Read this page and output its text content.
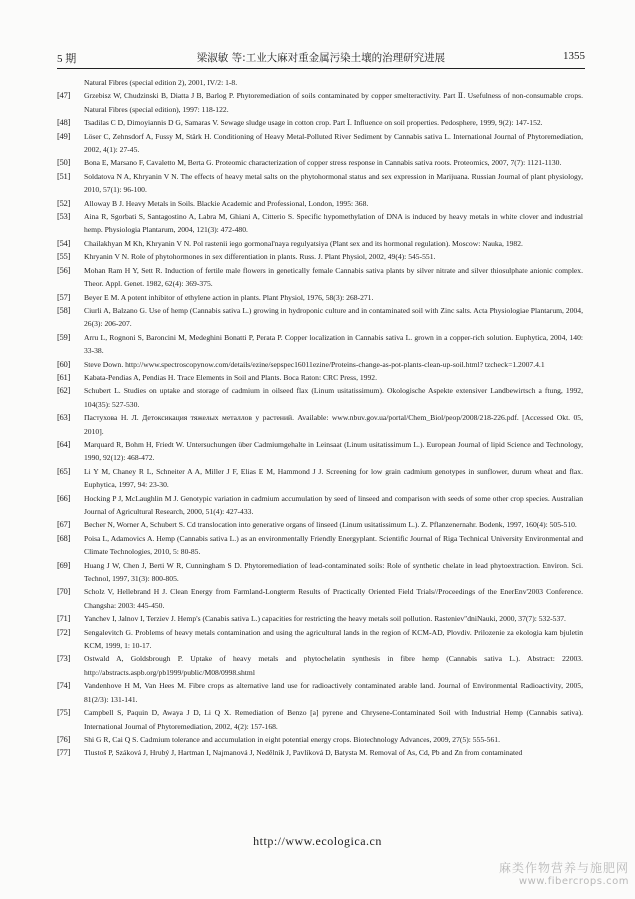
5 期	梁淑敏 等:工业大麻对重金属污染土壤的治理研究进展	1355
Natural Fibres (special edition 2), 2001, IV/2: 1-8.
[47] Grzebisz W, Chudzinski B, Diatta J B, Barlog P. Phytoremediation of soils contaminated by copper smelteractivity. Part Ⅱ. Usefulness of non-consumable crops. Natural Fibres (special edition), 1997: 118-122.
[48] Tsadilas C D, Dimoyiannis D G, Samaras V. Sewage sludge usage in cotton crop. Part Ⅰ. Influence on soil properties. Pedosphere, 1999, 9(2): 147-152.
[49] Löser C, Zehnsdorf A, Fussy M, Stärk H. Conditioning of Heavy Metal-Polluted River Sediment by Cannabis sativa L. International Journal of Phytoremediation, 2002, 4(1): 27-45.
[50] Bona E, Marsano F, Cavaletto M, Berta G. Proteomic characterization of copper stress response in Cannabis sativa roots. Proteomics, 2007, 7(7): 1121-1130.
[51] Soldatova N A, Khryanin V N. The effects of heavy metal salts on the phytohormonal status and sex expression in Marijuana. Russian Journal of plant physiology, 2010, 57(1): 96-100.
[52] Alloway B J. Heavy Metals in Soils. Blackie Academic and Professional, London, 1995: 368.
[53] Aina R, Sgorbati S, Santagostino A, Labra M, Ghiani A, Citterio S. Specific hypomethylation of DNA is induced by heavy metals in white clover and industrial hemp. Physiologia Plantarum, 2004, 121(3): 472-480.
[54] Chailakhyan M Kh, Khryanin V N. Pol rastenii iego gormonal'naya regulyatsiya (Plant sex and its hormonal regulation). Moscow: Nauka, 1982.
[55] Khryanin V N. Role of phytohormones in sex differentiation in plants. Russ. J. Plant Physiol, 2002, 49(4): 545-551.
[56] Mohan Ram H Y, Sett R. Induction of fertile male flowers in genetically female Cannabis sativa plants by silver nitrate and silver thiosulphate anionic complex. Theor. Appl. Genet. 1982, 62(4): 369-375.
[57] Beyer E M. A potent inhibitor of ethylene action in plants. Plant Physiol, 1976, 58(3): 268-271.
[58] Ciurli A, Balzano G. Use of hemp (Cannabis sativa L.) growing in hydroponic culture and in contaminated soil with Zinc salts. Acta Physiologiae Plantarum, 2004, 26(3): 206-207.
[59] Arru L, Rognoni S, Baroncini M, Medeghini Bonatti P, Perata P. Copper localization in Cannabis sativa L. grown in a copper-rich solution. Euphytica, 2004, 140: 33-38.
[60] Steve Down. http://www.spectroscopynow.com/details/ezine/sepspec16011ezine/Proteins-change-as-pot-plants-clean-up-soil.html? tzcheck=1.2007.4.1
[61] Kabata-Pendias A, Pendias H. Trace Elements in Soil and Plants. Boca Raton: CRC Press, 1992.
[62] Schubert L. Studies on uptake and storage of cadmium in oilseed flax (Linum usitatissimum). Okologische Aspekte extensiver Landbewirtsch a ftung, 1992, 104(35): 527-530.
[63] Пастухова Н. Л. Детоксикация тяжелых металлов у растений. Available: www.nbuv.gov.ua/portal/Chem_Biol/peop/2008/218-226.pdf. [Accessed Okt. 05, 2010].
[64] Marquard R, Bohm H, Friedt W. Untersuchungen über Cadmiumgehalte in Leinsaat (Linum usitatissimum L.). European Journal of lipid Science and Technology, 1990, 92(12): 468-472.
[65] Li Y M, Chaney R L, Schneiter A A, Miller J F, Elias E M, Hammond J J. Screening for low grain cadmium genotypes in sunflower, durum wheat and flax. Euphytica, 1997, 94: 23-30.
[66] Hocking P J, McLaughlin M J. Genotypic variation in cadmium accumulation by seed of linseed and comparison with seeds of some other crop species. Australian Journal of Agricultural Research, 2000, 51(4): 427-433.
[67] Becher N, Worner A, Schubert S. Cd translocation into generative organs of linseed (Linum usitatissimum L.). Z. Pflanzenernahr. Bodenk, 1997, 160(4): 505-510.
[68] Poisa L, Adamovics A. Hemp (Cannabis sativa L.) as an environmentally Friendly Energyplant. Scientific Journal of Riga Technical University Environmental and Climate Technologies, 2010, 5: 80-85.
[69] Huang J W, Chen J, Berti W R, Cunningham S D. Phytoremediation of lead-contaminated soils: Role of synthetic chelate in lead phytoextraction. Environ. Sci. Technol, 1997, 31(3): 800-805.
[70] Scholz V, Hellebrand H J. Clean Energy from Farmland-Longterm Results of Practically Oriented Field Trials//Proceedings of the EnerEnv'2003 Conference. Changsha: 2003: 445-450.
[71] Yanchev I, Jalnov I, Terziev J. Hemp's (Canabis sativa L.) capacities for restricting the heavy metals soil pollution. Rasteniev"dniNauki, 2000, 37(7): 532-537.
[72] Sengalevitch G. Problems of heavy metals contamination and using the agricultural lands in the region of KCM-AD, Plovdiv. Prilozenie za ekologia kam bjuletin KCM, 1999, 1: 10-17.
[73] Ostwald A, Goldsbrough P. Uptake of heavy metals and phytochelatin synthesis in fibre hemp (Cannabis sativa L.). Abstract: 22003. http://abstracts.aspb.org/pb1999/public/M08/0998.shtml
[74] Vandenhove H M, Van Hees M. Fibre crops as alternative land use for radioactively contaminated arable land. Journal of Environmental Radioactivity, 2005, 81(2/3): 131-141.
[75] Campbell S, Paquin D, Awaya J D, Li Q X. Remediation of Benzo [a] pyrene and Chrysene-Contaminated Soil with Industrial Hemp (Cannabis sativa). International Journal of Phytoremediation, 2002, 4(2): 157-168.
[76] Shi G R, Cai Q S. Cadmium tolerance and accumulation in eight potential energy crops. Biotechnology Advances, 2009, 27(5): 555-561.
[77] Tlustoš P, Száková J, Hrubý J, Hartman I, Najmanová J, Nedělník J, Pavlíková D, Batysta M. Removal of As, Cd, Pb and Zn from contaminated
http://www.ecologica.cn
麻类作物营养与施肥网
www.fibercrops.com
